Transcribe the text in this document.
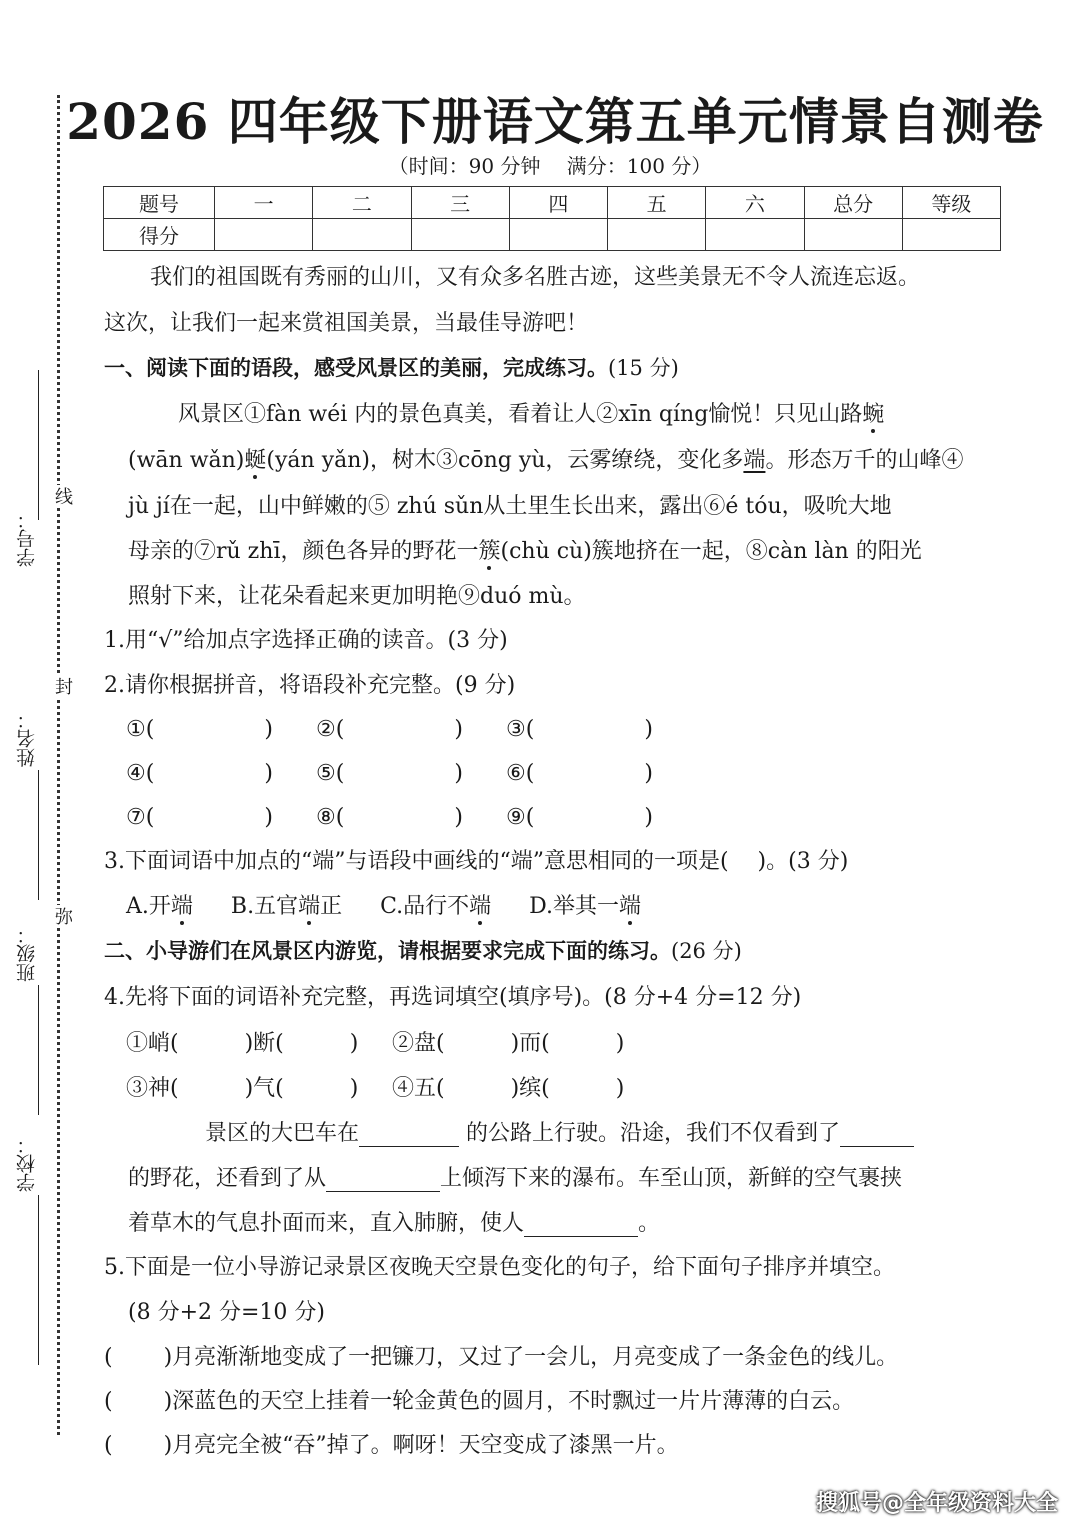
学号：
姓名：
班级：
学校：
线
封
弥
2026 四年级下册语文第五单元情景自测卷
（时间：90 分钟　 满分：100 分）
题号	一	二	三	四	五	六	总分	等级
得分								
我们的祖国既有秀丽的山川，又有众多名胜古迹，这些美景无不令人流连忘返。
这次，让我们一起来赏祖国美景，当最佳导游吧！
一、阅读下面的语段，感受风景区的美丽，完成练习。(15 分)
风景区①fàn wéi 内的景色真美，看着让人②xīn qíng愉悦！只见山路蜿
(wān wǎn)蜒(yán yǎn)，树木③cōng yù，云雾缭绕，变化多端。形态万千的山峰④
jù jí在一起，山中鲜嫩的⑤ zhú sǔn从土里生长出来，露出⑥é tóu，吸吮大地
母亲的⑦rǔ zhī，颜色各异的野花一簇(chù cù)簇地挤在一起，⑧càn làn 的阳光
照射下来，让花朵看起来更加明艳⑨duó mù。
1.用“√”给加点字选择正确的读音。(3 分)
2.请你根据拼音，将语段补充完整。(9 分)
①(	) ②(	) ③(	)
④(	) ⑤(	) ⑥(	)
⑦(	) ⑧(	) ⑨(	)
3.下面词语中加点的“端”与语段中画线的“端”意思相同的一项是(　 )。(3 分)
A.开端 B.五官端正 C.品行不端 D.举其一端
二、小导游们在风景区内游览，请根据要求完成下面的练习。(26 分)
4.先将下面的词语补充完整，再选词填空(填序号)。(8 分+4 分=12 分)
①峭(　　　)断(　　　) ②盘(　　　)而(　　　)
③神(　　　)气(　　　) ④五(　　　)缤(　　　)
景区的大巴车在	的公路上行驶。沿途，我们不仅看到了
的野花，还看到了从	上倾泻下来的瀑布。车至山顶，新鲜的空气裹挟
着草木的气息扑面而来，直入肺腑，使人	。
5.下面是一位小导游记录景区夜晚天空景色变化的句子，给下面句子排序并填空。
(8 分+2 分=10 分)
(　　 )月亮渐渐地变成了一把镰刀，又过了一会儿，月亮变成了一条金色的线儿。
(　　 )深蓝色的天空上挂着一轮金黄色的圆月，不时飘过一片片薄薄的白云。
(　　 )月亮完全被“吞”掉了。啊呀！天空变成了漆黑一片。
搜狐号@全年级资料大全
